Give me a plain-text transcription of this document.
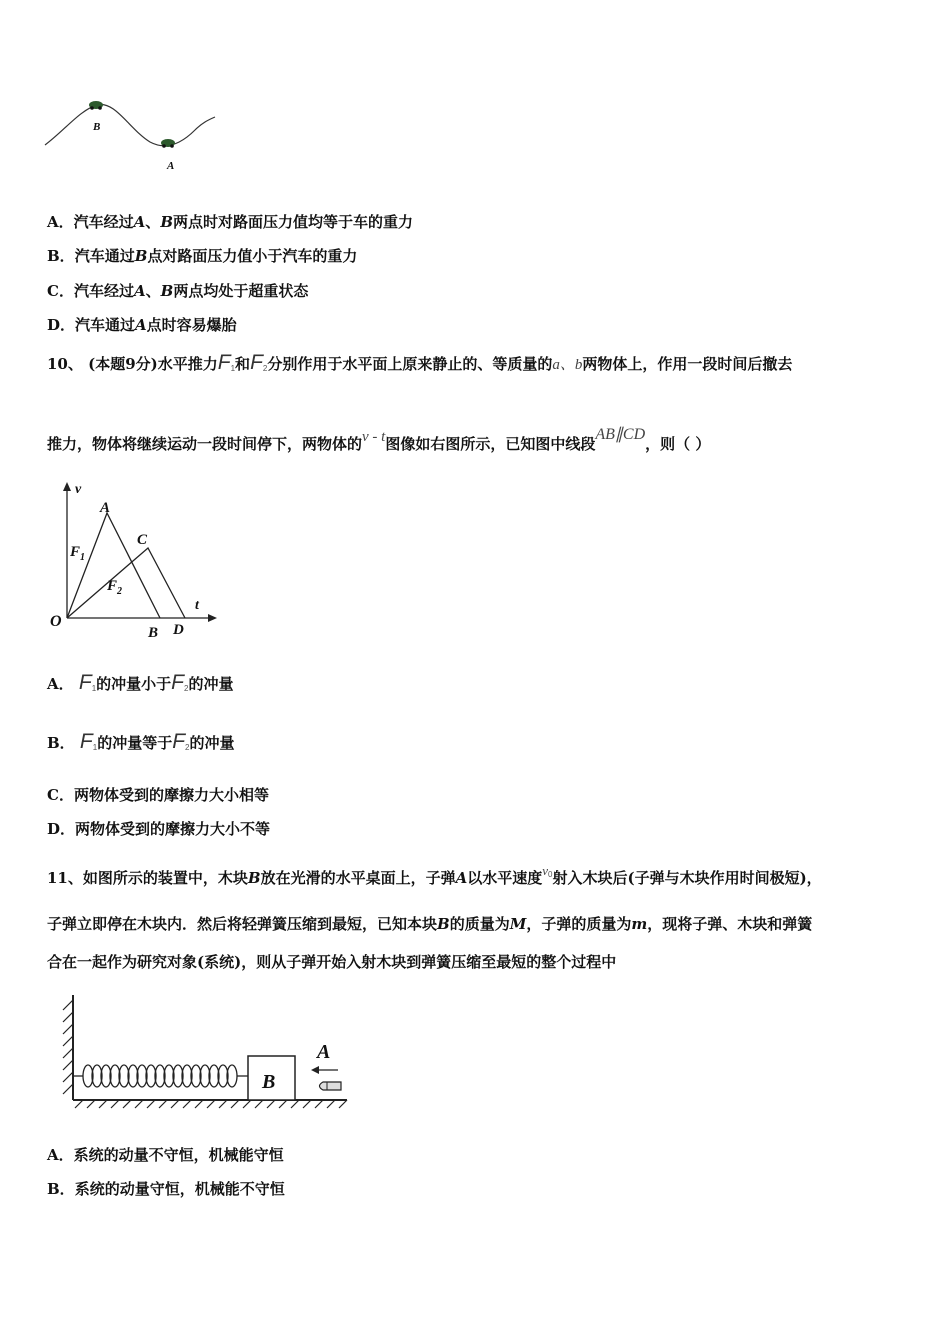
B
A
A．汽车经过A、B两点时对路面压力值均等于车的重力
B．汽车通过B点对路面压力值小于汽车的重力
C．汽车经过A、B两点均处于超重状态
D．汽车通过A点时容易爆胎
10、 (本题9分)水平推力$F_1$和$F_2$分别作用于水平面上原来静止的、等质量的a、b两物体上，作用一段时间后撤去
推力，物体将继续运动一段时间停下，两物体的v - t图像如右图所示，已知图中线段AB∥CD，则（ ）
v
t
O
A
C
B D
$F_1$
$F_2$
A． $F_1$的冲量小于$F_2$的冲量
B． $F_1$的冲量等于$F_2$的冲量
C．两物体受到的摩擦力大小相等
D．两物体受到的摩擦力大小不等
11、如图所示的装置中，木块B放在光滑的水平桌面上，子弹A以水平速度$v^0$射入木块后(子弹与木块作用时间极短)，
子弹立即停在木块内．然后将轻弹簧压缩到最短，已知本块B的质量为M，子弹的质量为m，现将子弹、木块和弹簧
合在一起作为研究对象(系统)，则从子弹开始入射木块到弹簧压缩至最短的整个过程中
B
A
A．系统的动量不守恒，机械能守恒
B．系统的动量守恒，机械能不守恒
